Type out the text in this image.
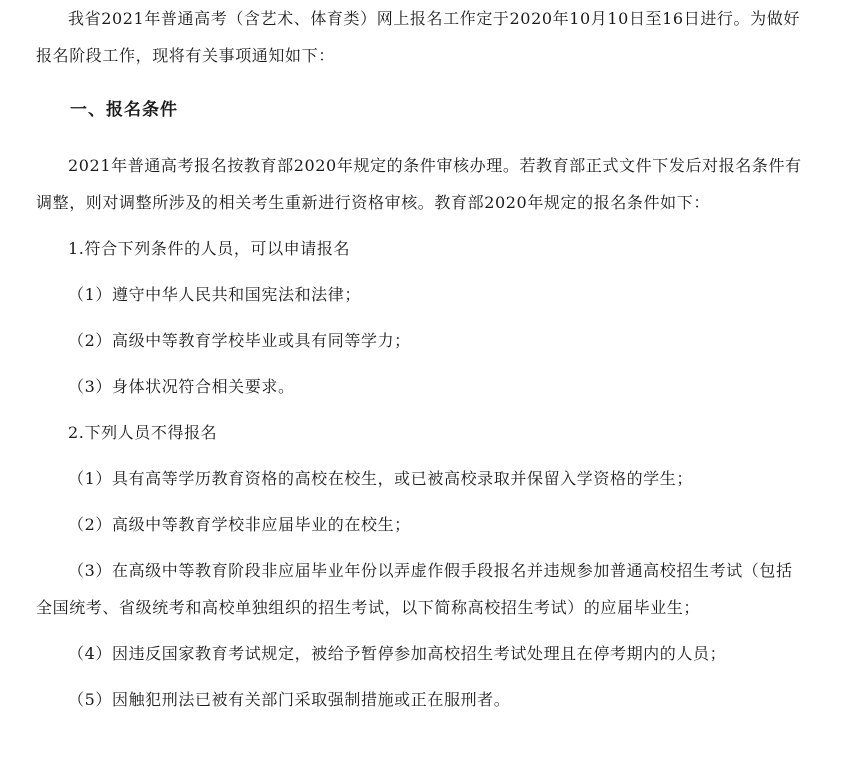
我省2021年普通高考（含艺术、体育类）网上报名工作定于2020年10月10日至16日进行。为做好报名阶段工作，现将有关事项通知如下：

一、报名条件

2021年普通高考报名按教育部2020年规定的条件审核办理。若教育部正式文件下发后对报名条件有调整，则对调整所涉及的相关考生重新进行资格审核。教育部2020年规定的报名条件如下：

1.符合下列条件的人员，可以申请报名

（1）遵守中华人民共和国宪法和法律；

（2）高级中等教育学校毕业或具有同等学力；

（3）身体状况符合相关要求。

2.下列人员不得报名

（1）具有高等学历教育资格的高校在校生，或已被高校录取并保留入学资格的学生；

（2）高级中等教育学校非应届毕业的在校生；

（3）在高级中等教育阶段非应届毕业年份以弄虚作假手段报名并违规参加普通高校招生考试（包括全国统考、省级统考和高校单独组织的招生考试，以下简称高校招生考试）的应届毕业生；

（4）因违反国家教育考试规定，被给予暂停参加高校招生考试处理且在停考期内的人员；

（5）因触犯刑法已被有关部门采取强制措施或正在服刑者。
